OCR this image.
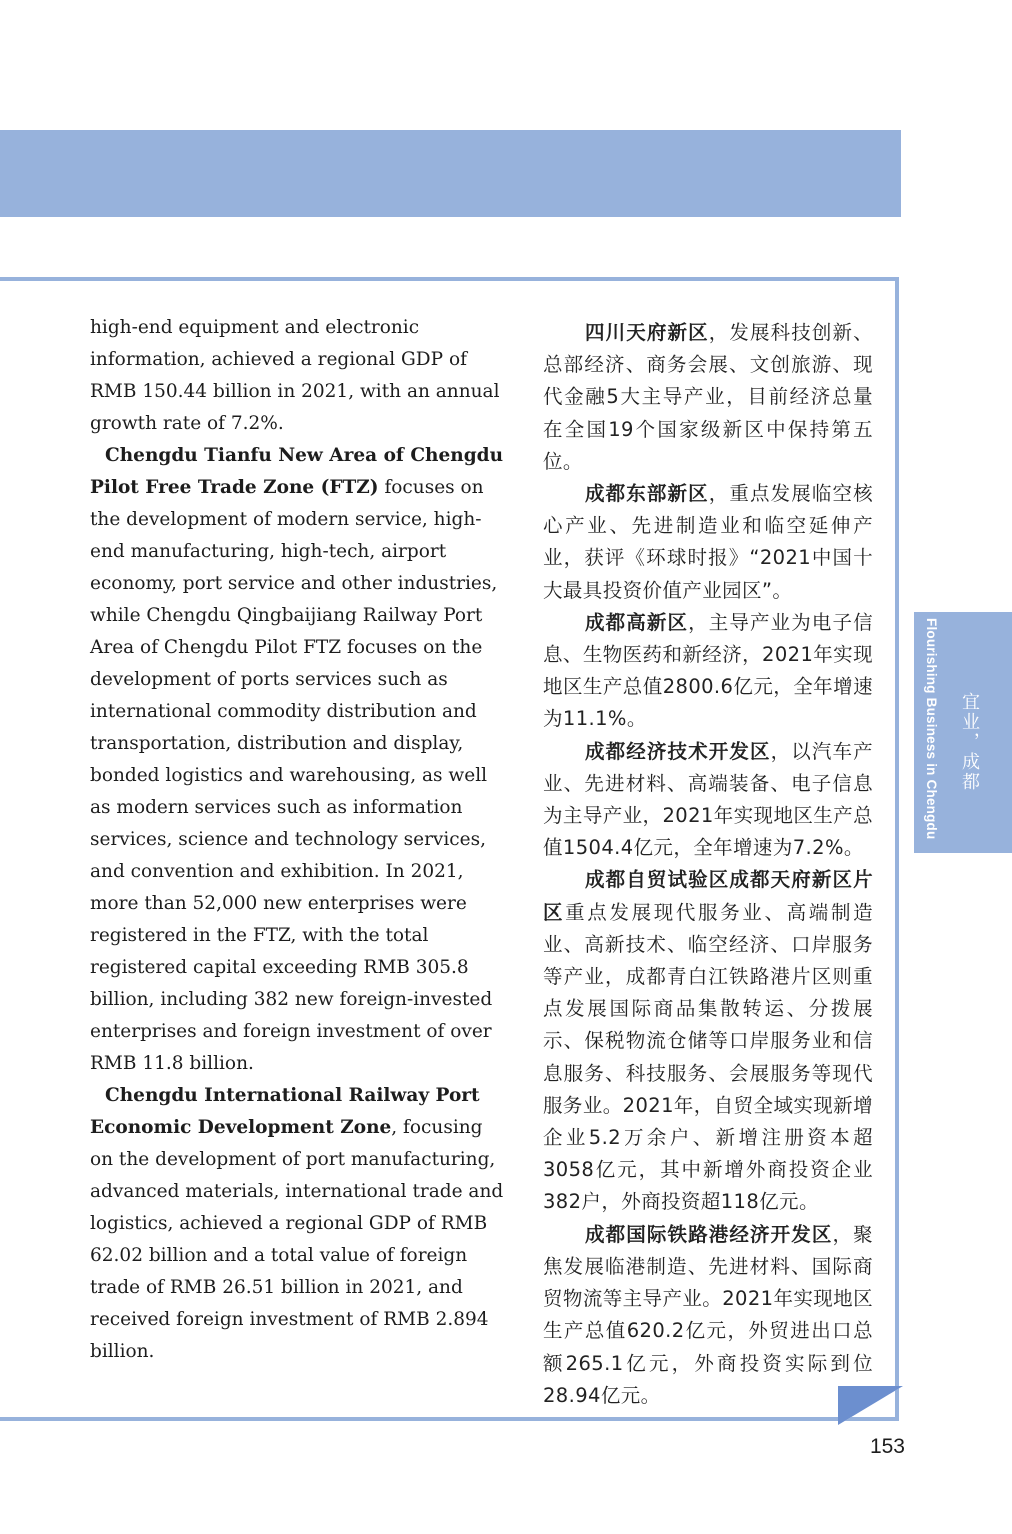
high-end equipment and electronic information, achieved a regional GDP of RMB 150.44 billion in 2021, with an annual growth rate of 7.2%.

Chengdu Tianfu New Area of Chengdu Pilot Free Trade Zone (FTZ) focuses on the development of modern service, high-end manufacturing, high-tech, airport economy, port service and other industries, while Chengdu Qingbaijiang Railway Port Area of Chengdu Pilot FTZ focuses on the development of ports services such as international commodity distribution and transportation, distribution and display, bonded logistics and warehousing, as well as modern services such as information services, science and technology services, and convention and exhibition. In 2021, more than 52,000 new enterprises were registered in the FTZ, with the total registered capital exceeding RMB 305.8 billion, including 382 new foreign-invested enterprises and foreign investment of over RMB 11.8 billion.

Chengdu International Railway Port Economic Development Zone, focusing on the development of port manufacturing, advanced materials, international trade and logistics, achieved a regional GDP of RMB 62.02 billion and a total value of foreign trade of RMB 26.51 billion in 2021, and received foreign investment of RMB 2.894 billion.

四川天府新区，发展科技创新、总部经济、商务会展、文创旅游、现代金融5大主导产业，目前经济总量在全国19个国家级新区中保持第五位。

成都东部新区，重点发展临空核心产业、先进制造业和临空延伸产业，获评《环球时报》“2021中国十大最具投资价值产业园区”。

成都高新区，主导产业为电子信息、生物医药和新经济，2021年实现地区生产总值2800.6亿元，全年增速为11.1%。

成都经济技术开发区，以汽车产业、先进材料、高端装备、电子信息为主导产业，2021年实现地区生产总值1504.4亿元，全年增速为7.2%。

成都自贸试验区成都天府新区片区重点发展现代服务业、高端制造业、高新技术、临空经济、口岸服务等产业，成都青白江铁路港片区则重点发展国际商品集散转运、分拨展示、保税物流仓储等口岸服务业和信息服务、科技服务、会展服务等现代服务业。2021年，自贸全域实现新增企业5.2万余户、新增注册资本超3058亿元，其中新增外商投资企业382户，外商投资超118亿元。

成都国际铁路港经济开发区，聚焦发展临港制造、先进材料、国际商贸物流等主导产业。2021年实现地区生产总值620.2亿元，外贸进出口总额265.1亿元，外商投资实际到位28.94亿元。

Flourishing Business in Chengdu 宜业，成都
153
